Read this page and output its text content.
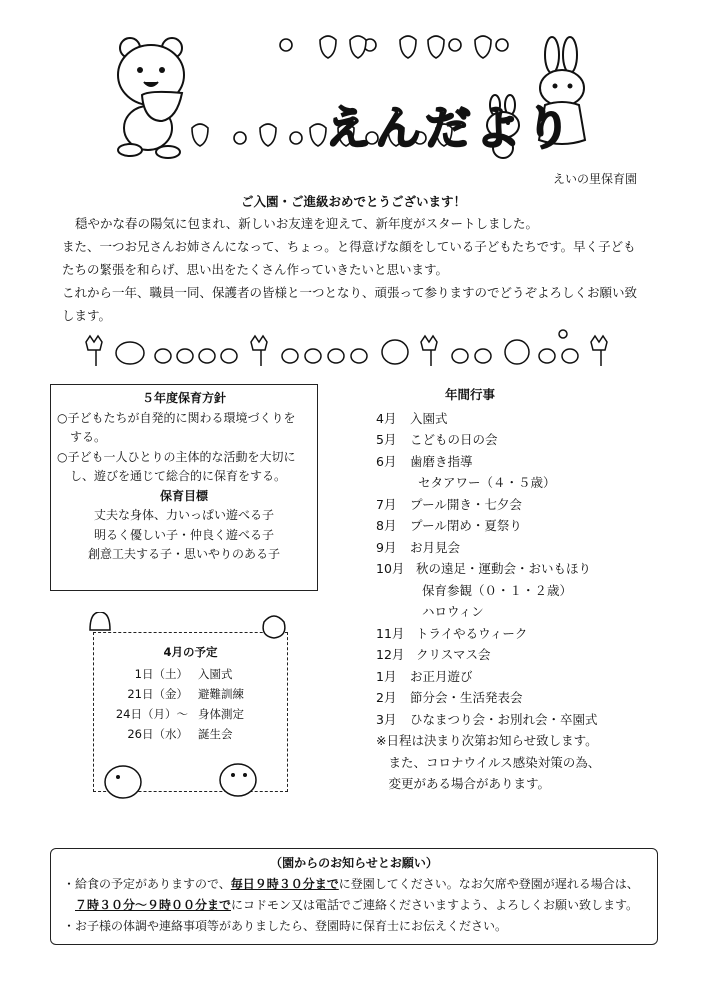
えんだより
えいの里保育園
ご入園・ご進級おめでとうございます！

穏やかな春の陽気に包まれ、新しいお友達を迎えて、新年度がスタートしました。

また、一つお兄さんお姉さんになって、ちょっ。と得意げな顔をしている子どもたちです。早く子ども

たちの緊張を和らげ、思い出をたくさん作っていきたいと思います。

これから一年、職員一同、保護者の皆様と一つとなり、頑張って参りますのでどうぞよろしくお願い致

します。

５年度保育方針
○子どもたちが自発的に関わる環境づくりを
する。
○子ども一人ひとりの主体的な活動を大切に
し、遊びを通じて総合的に保育をする。
保育目標
丈夫な身体、力いっぱい遊べる子
明るく優しい子・仲良く遊べる子
創意工夫する子・思いやりのある子
4月の予定
1日（土） 入園式
21日（金） 避難訓練
24日（月）～ 身体測定
26日（水） 誕生会
年間行事
4月	入園式
5月	こどもの日の会
6月	歯磨き指導
セタアワー（４・５歳）
7月	プール開き・七夕会
8月	プール閉め・夏祭り
9月	お月見会
10月 秋の遠足・運動会・おいもほり
保育参観（０・１・２歳）
ハロウィン
11月 トライやるウィーク
12月 クリスマス会
1月	お正月遊び
2月	節分会・生活発表会
3月	ひなまつり会・お別れ会・卒園式
※日程は決まり次第お知らせ致します。
　また、コロナウイルス感染対策の為、
　変更がある場合があります。
（園からのお知らせとお願い）
・給食の予定がありますので、毎日９時３０分までに登園してください。なお欠席や登園が遅れる場合は、
７時３０分～９時００分までにコドモン又は電話でご連絡くださいますよう、よろしくお願い致します。
・お子様の体調や連絡事項等がありましたら、登園時に保育士にお伝えください。
